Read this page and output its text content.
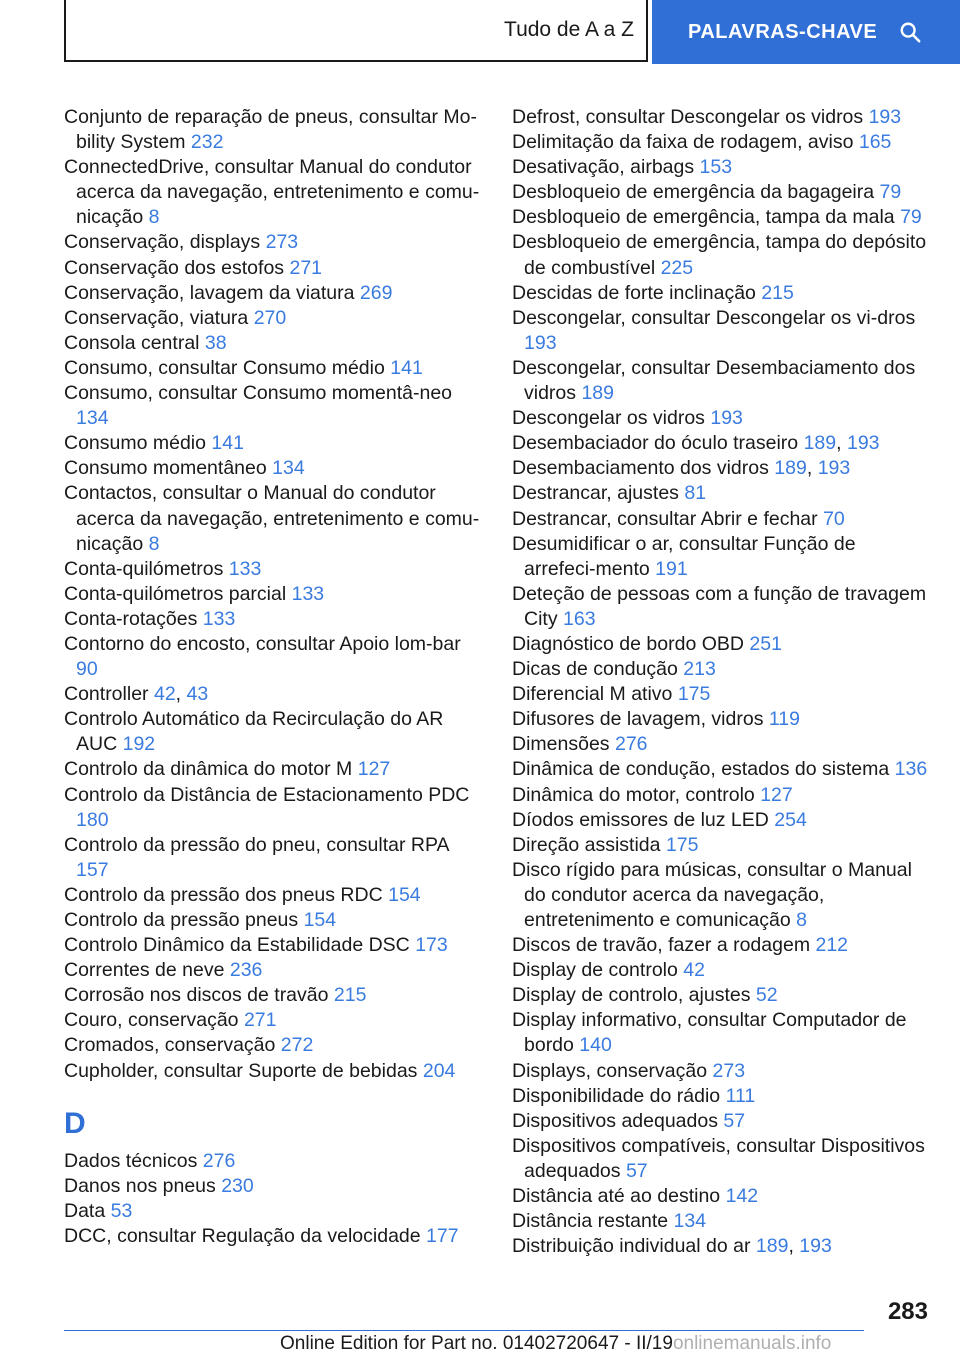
Tudo de A a Z	PALAVRAS-CHAVE
Conjunto de reparação de pneus, consultar Mo‐bility System 232
ConnectedDrive, consultar Manual do condutor acerca da navegação, entretenimento e comu‐nicação 8
Conservação, displays 273
Conservação dos estofos 271
Conservação, lavagem da viatura 269
Conservação, viatura 270
Consola central 38
Consumo, consultar Consumo médio 141
Consumo, consultar Consumo momentâ‐neo 134
Consumo médio 141
Consumo momentâneo 134
Contactos, consultar o Manual do condutor acerca da navegação, entretenimento e comu‐nicação 8
Conta-quilómetros 133
Conta-quilómetros parcial 133
Conta-rotações 133
Contorno do encosto, consultar Apoio lom‐bar 90
Controller 42, 43
Controlo Automático da Recirculação do AR AUC 192
Controlo da dinâmica do motor M 127
Controlo da Distância de Estacionamento PDC 180
Controlo da pressão do pneu, consultar RPA 157
Controlo da pressão dos pneus RDC 154
Controlo da pressão pneus 154
Controlo Dinâmico da Estabilidade DSC 173
Correntes de neve 236
Corrosão nos discos de travão 215
Couro, conservação 271
Cromados, conservação 272
Cupholder, consultar Suporte de bebidas 204
D
Dados técnicos 276
Danos nos pneus 230
Data 53
DCC, consultar Regulação da velocidade 177
Defrost, consultar Descongelar os vidros 193
Delimitação da faixa de rodagem, aviso 165
Desativação, airbags 153
Desbloqueio de emergência da bagageira 79
Desbloqueio de emergência, tampa da mala 79
Desbloqueio de emergência, tampa do depósito de combustível 225
Descidas de forte inclinação 215
Descongelar, consultar Descongelar os vi‐dros 193
Descongelar, consultar Desembaciamento dos vidros 189
Descongelar os vidros 193
Desembaciador do óculo traseiro 189, 193
Desembaciamento dos vidros 189, 193
Destrancar, ajustes 81
Destrancar, consultar Abrir e fechar 70
Desumidificar o ar, consultar Função de arrefeci‐mento 191
Deteção de pessoas com a função de travagem City 163
Diagnóstico de bordo OBD 251
Dicas de condução 213
Diferencial M ativo 175
Difusores de lavagem, vidros 119
Dimensões 276
Dinâmica de condução, estados do sistema 136
Dinâmica do motor, controlo 127
Díodos emissores de luz LED 254
Direção assistida 175
Disco rígido para músicas, consultar o Manual do condutor acerca da navegação, entretenimento e comunicação 8
Discos de travão, fazer a rodagem 212
Display de controlo 42
Display de controlo, ajustes 52
Display informativo, consultar Computador de bordo 140
Displays, conservação 273
Disponibilidade do rádio 111
Dispositivos adequados 57
Dispositivos compatíveis, consultar Dispositivos adequados 57
Distância até ao destino 142
Distância restante 134
Distribuição individual do ar 189, 193
283
Online Edition for Part no. 01402720647 - II/19onlinemanuals.info
